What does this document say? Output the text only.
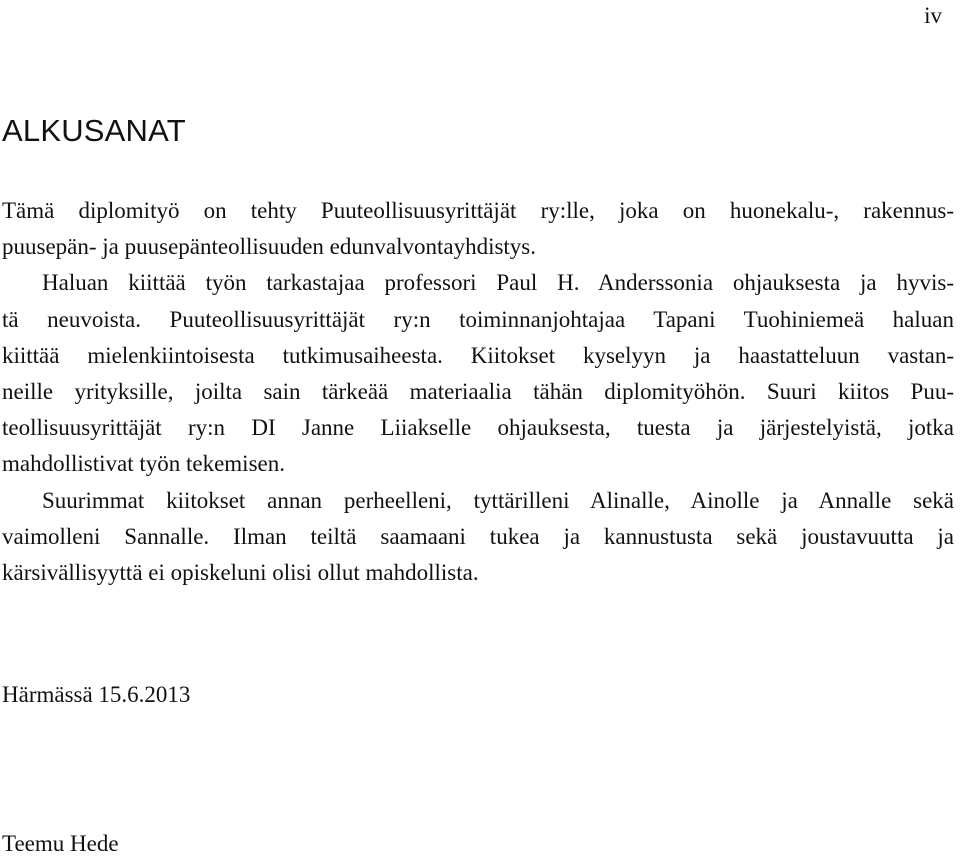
iv
ALKUSANAT
Tämä diplomityö on tehty Puuteollisuusyrittäjät ry:lle, joka on huonekalu-, rakennus-
puusepän- ja puusepänteollisuuden edunvalvontayhdistys.
Haluan kiittää työn tarkastajaa professori Paul H. Anderssonia ohjauksesta ja hyvis-
tä neuvoista. Puuteollisuusyrittäjät ry:n toiminnanjohtajaa Tapani Tuohiniemeä haluan
kiittää mielenkiintoisesta tutkimusaiheesta. Kiitokset kyselyyn ja haastatteluun vastan-
neille yrityksille, joilta sain tärkeää materiaalia tähän diplomityöhön. Suuri kiitos Puu-
teollisuusyrittäjät ry:n DI Janne Liiakselle ohjauksesta, tuesta ja järjestelyistä, jotka
mahdollistivat työn tekemisen.
Suurimmat kiitokset annan perheelleni, tyttärilleni Alinalle, Ainolle ja Annalle sekä
vaimolleni Sannalle. Ilman teiltä saamaani tukea ja kannustusta sekä joustavuutta ja
kärsivällisyyttä ei opiskeluni olisi ollut mahdollista.
Härmässä 15.6.2013
Teemu Hede
